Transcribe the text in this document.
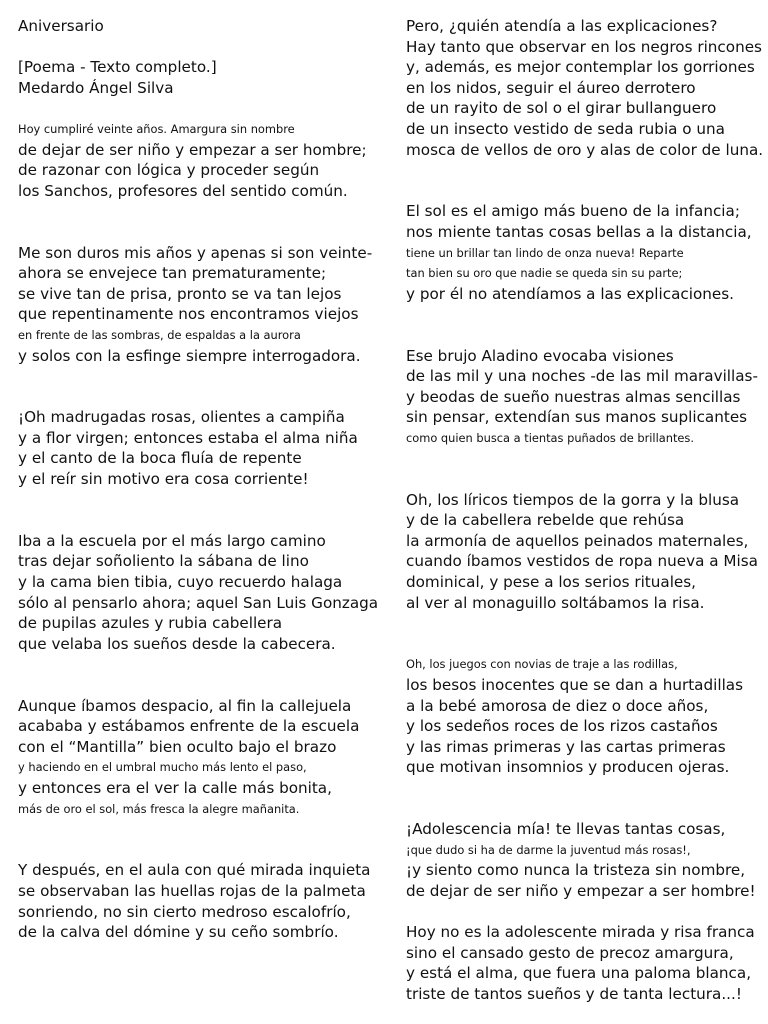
Aniversario
[Poema - Texto completo.]
Medardo Ángel Silva
Hoy cumpliré veinte años. Amargura sin nombre
de dejar de ser niño y empezar a ser hombre;
de razonar con lógica y proceder según
los Sanchos, profesores del sentido común.
Me son duros mis años y apenas si son veinte-
ahora se envejece tan prematuramente;
se vive tan de prisa, pronto se va tan lejos
que repentinamente nos encontramos viejos
en frente de las sombras, de espaldas a la aurora
y solos con la esfinge siempre interrogadora.
¡Oh madrugadas rosas, olientes a campiña
y a flor virgen; entonces estaba el alma niña
y el canto de la boca fluía de repente
y el reír sin motivo era cosa corriente!
Iba a la escuela por el más largo camino
tras dejar soñoliento la sábana de lino
y la cama bien tibia, cuyo recuerdo halaga
sólo al pensarlo ahora; aquel San Luis Gonzaga
de pupilas azules y rubia cabellera
que velaba los sueños desde la cabecera.
Aunque íbamos despacio, al fin la callejuela
acababa y estábamos enfrente de la escuela
con el “Mantilla” bien oculto bajo el brazo
y haciendo en el umbral mucho más lento el paso,
y entonces era el ver la calle más bonita,
más de oro el sol, más fresca la alegre mañanita.
Y después, en el aula con qué mirada inquieta
se observaban las huellas rojas de la palmeta
sonriendo, no sin cierto medroso escalofrío,
de la calva del dómine y su ceño sombrío.
Pero, ¿quién atendía a las explicaciones?
Hay tanto que observar en los negros rincones
y, además, es mejor contemplar los gorriones
en los nidos, seguir el áureo derrotero
de un rayito de sol o el girar bullanguero
de un insecto vestido de seda rubia o una
mosca de vellos de oro y alas de color de luna.
El sol es el amigo más bueno de la infancia;
nos miente tantas cosas bellas a la distancia,
tiene un brillar tan lindo de onza nueva! Reparte
tan bien su oro que nadie se queda sin su parte;
y por él no atendíamos a las explicaciones.
Ese brujo Aladino evocaba visiones
de las mil y una noches -de las mil maravillas-
y beodas de sueño nuestras almas sencillas
sin pensar, extendían sus manos suplicantes
como quien busca a tientas puñados de brillantes.
Oh, los líricos tiempos de la gorra y la blusa
y de la cabellera rebelde que rehúsa
la armonía de aquellos peinados maternales,
cuando íbamos vestidos de ropa nueva a Misa
dominical, y pese a los serios rituales,
al ver al monaguillo soltábamos la risa.
Oh, los juegos con novias de traje a las rodillas,
los besos inocentes que se dan a hurtadillas
a la bebé amorosa de diez o doce años,
y los sedeños roces de los rizos castaños
y las rimas primeras y las cartas primeras
que motivan insomnios y producen ojeras.
¡Adolescencia mía! te llevas tantas cosas,
¡que dudo si ha de darme la juventud más rosas!,
¡y siento como nunca la tristeza sin nombre,
de dejar de ser niño y empezar a ser hombre!
Hoy no es la adolescente mirada y risa franca
sino el cansado gesto de precoz amargura,
y está el alma, que fuera una paloma blanca,
triste de tantos sueños y de tanta lectura...!
